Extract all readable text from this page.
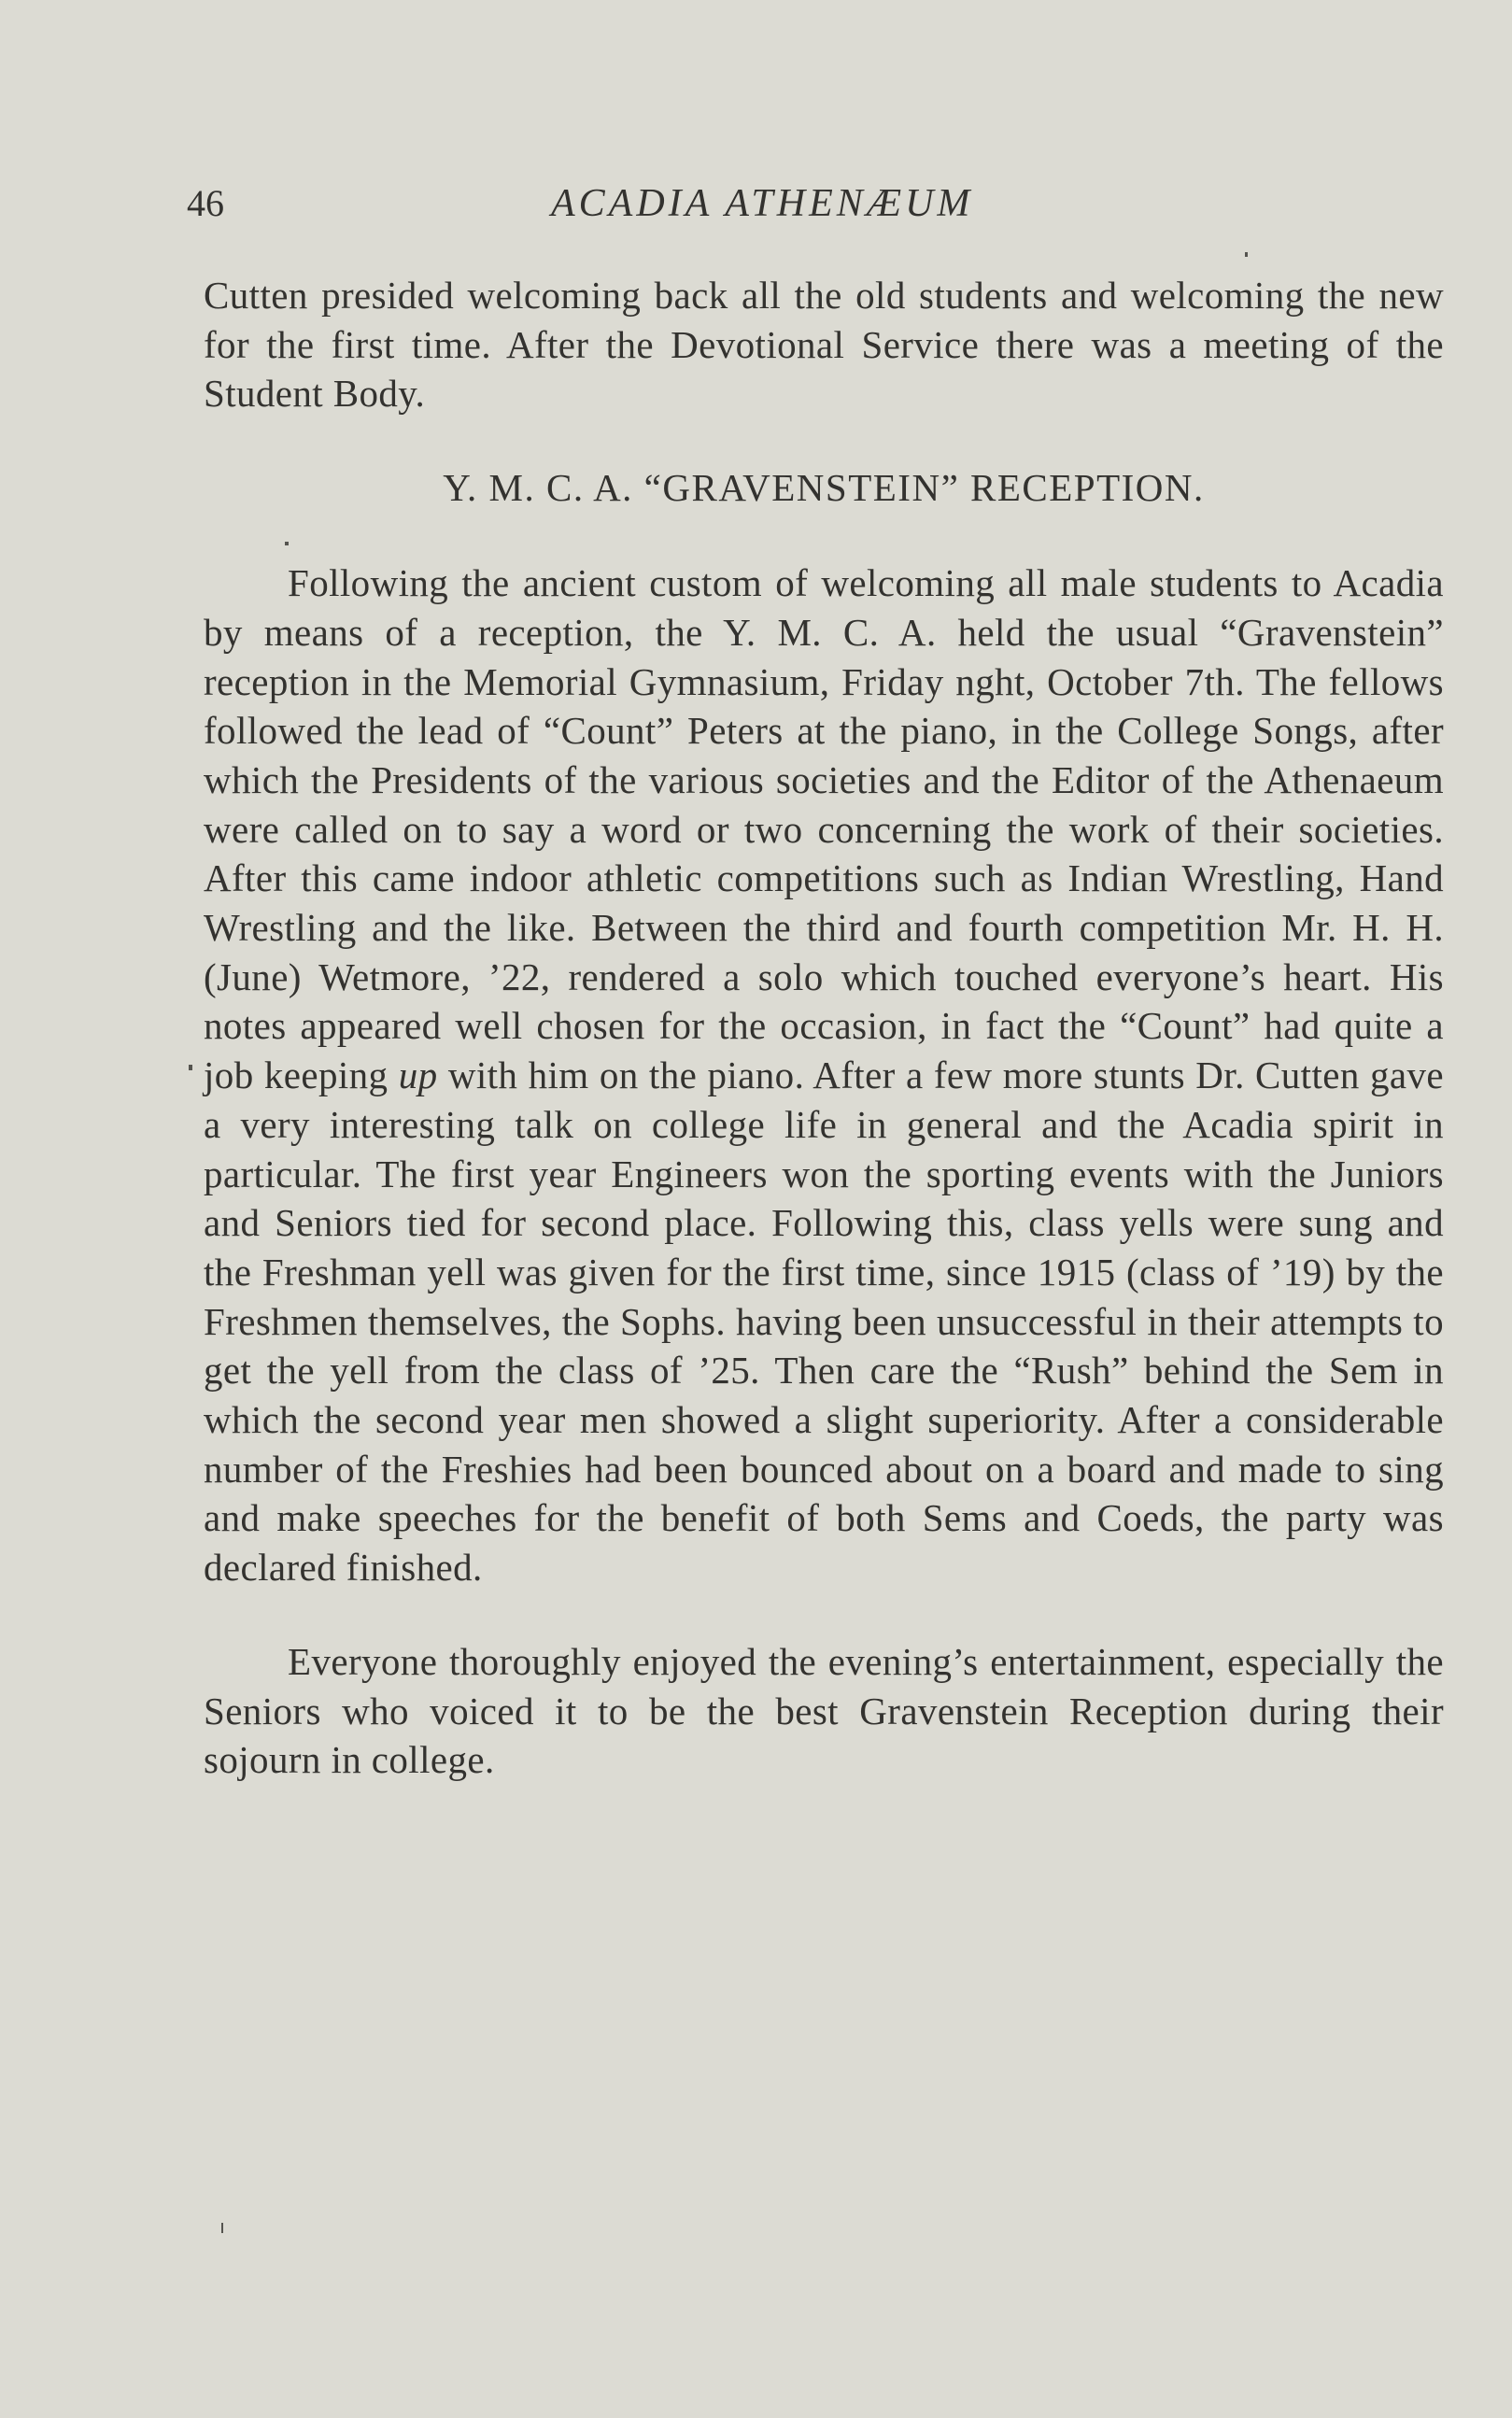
46	ACADIA ATHENÆUM

Cutten presided welcoming back all the old students and welcoming the new for the first time. After the Devotional Service there was a meeting of the Student Body.

Y. M. C. A. “GRAVENSTEIN” RECEPTION.

Following the ancient custom of welcoming all male students to Acadia by means of a reception, the Y. M. C. A. held the usual “Gravenstein” reception in the Memorial Gymnasium, Friday nght, October 7th. The fellows followed the lead of “Count” Peters at the piano, in the College Songs, after which the Presidents of the various societies and the Editor of the Athenaeum were called on to say a word or two concerning the work of their societies. After this came indoor athletic competitions such as Indian Wrestling, Hand Wrestling and the like. Between the third and fourth competition Mr. H. H. (June) Wetmore, ’22, rendered a solo which touched everyone’s heart. His notes appeared well chosen for the occasion, in fact the “Count” had quite a job keeping up with him on the piano. After a few more stunts Dr. Cutten gave a very interesting talk on college life in general and the Acadia spirit in particular. The first year Engineers won the sporting events with the Juniors and Seniors tied for second place. Following this, class yells were sung and the Freshman yell was given for the first time, since 1915 (class of ’19) by the Freshmen themselves, the Sophs. having been unsuccessful in their attempts to get the yell from the class of ’25. Then care the “Rush” behind the Sem in which the second year men showed a slight superiority. After a considerable number of the Freshies had been bounced about on a board and made to sing and make speeches for the benefit of both Sems and Coeds, the party was declared finished.

Everyone thoroughly enjoyed the evening’s entertainment, especially the Seniors who voiced it to be the best Gravenstein Reception during their sojourn in college.
